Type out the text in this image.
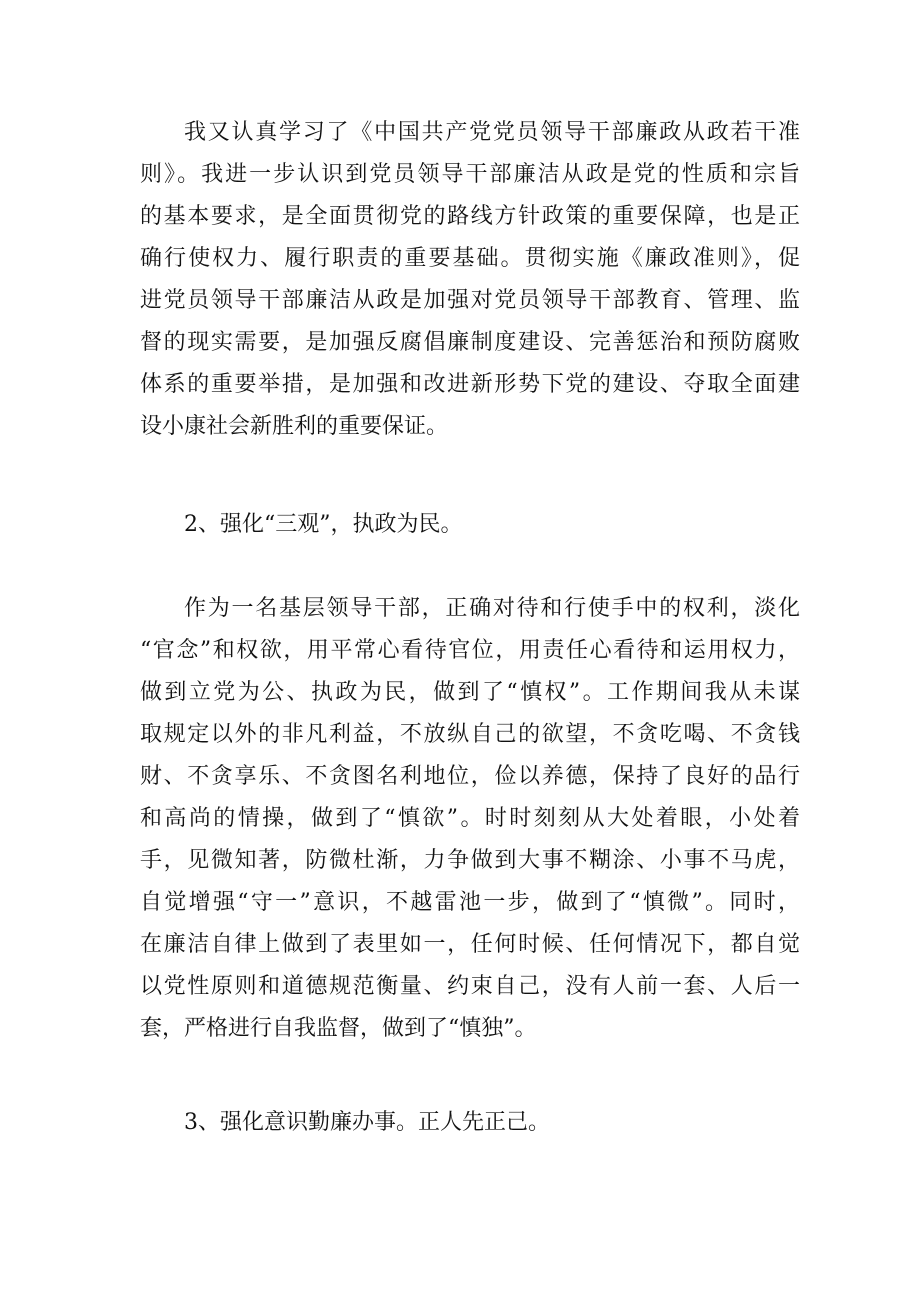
我又认真学习了《中国共产党党员领导干部廉政从政若干准
则》。我进一步认识到党员领导干部廉洁从政是党的性质和宗旨
的基本要求，是全面贯彻党的路线方针政策的重要保障，也是正
确行使权力、履行职责的重要基础。贯彻实施《廉政准则》，促
进党员领导干部廉洁从政是加强对党员领导干部教育、管理、监
督的现实需要，是加强反腐倡廉制度建设、完善惩治和预防腐败
体系的重要举措，是加强和改进新形势下党的建设、夺取全面建
设小康社会新胜利的重要保证。
2、强化“三观”，执政为民。
作为一名基层领导干部，正确对待和行使手中的权利，淡化
“官念”和权欲，用平常心看待官位，用责任心看待和运用权力，
做到立党为公、执政为民，做到了“慎权”。工作期间我从未谋
取规定以外的非凡利益，不放纵自己的欲望，不贪吃喝、不贪钱
财、不贪享乐、不贪图名利地位，俭以养德，保持了良好的品行
和高尚的情操，做到了“慎欲”。时时刻刻从大处着眼，小处着
手，见微知著，防微杜渐，力争做到大事不糊涂、小事不马虎，
自觉增强“守一”意识，不越雷池一步，做到了“慎微”。同时，
在廉洁自律上做到了表里如一，任何时候、任何情况下，都自觉
以党性原则和道德规范衡量、约束自己，没有人前一套、人后一
套，严格进行自我监督，做到了“慎独”。
3、强化意识勤廉办事。正人先正己。
